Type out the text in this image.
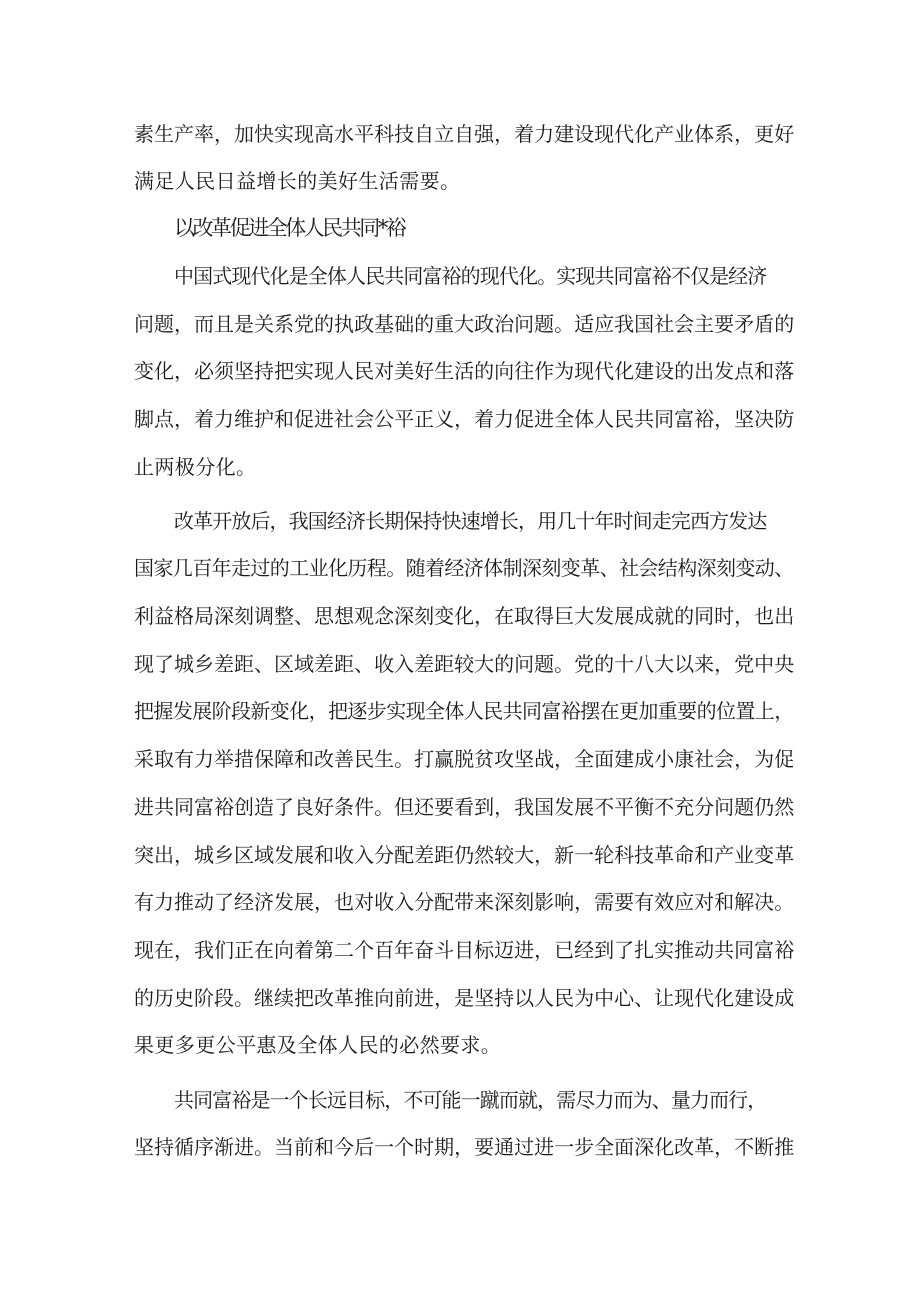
素生产率，加快实现高水平科技自立自强，着力建设现代化产业体系，更好
满足人民日益增长的美好生活需要。
以改革促进全体人民共同*裕
中国式现代化是全体人民共同富裕的现代化。实现共同富裕不仅是经济
问题，而且是关系党的执政基础的重大政治问题。适应我国社会主要矛盾的
变化，必须坚持把实现人民对美好生活的向往作为现代化建设的出发点和落
脚点，着力维护和促进社会公平正义，着力促进全体人民共同富裕，坚决防
止两极分化。
改革开放后，我国经济长期保持快速增长，用几十年时间走完西方发达
国家几百年走过的工业化历程。随着经济体制深刻变革、社会结构深刻变动、
利益格局深刻调整、思想观念深刻变化，在取得巨大发展成就的同时，也出
现了城乡差距、区域差距、收入差距较大的问题。党的十八大以来，党中央
把握发展阶段新变化，把逐步实现全体人民共同富裕摆在更加重要的位置上，
采取有力举措保障和改善民生。打赢脱贫攻坚战，全面建成小康社会，为促
进共同富裕创造了良好条件。但还要看到，我国发展不平衡不充分问题仍然
突出，城乡区域发展和收入分配差距仍然较大，新一轮科技革命和产业变革
有力推动了经济发展，也对收入分配带来深刻影响，需要有效应对和解决。
现在，我们正在向着第二个百年奋斗目标迈进，已经到了扎实推动共同富裕
的历史阶段。继续把改革推向前进，是坚持以人民为中心、让现代化建设成
果更多更公平惠及全体人民的必然要求。
共同富裕是一个长远目标，不可能一蹴而就，需尽力而为、量力而行，
坚持循序渐进。当前和今后一个时期，要通过进一步全面深化改革，不断推
